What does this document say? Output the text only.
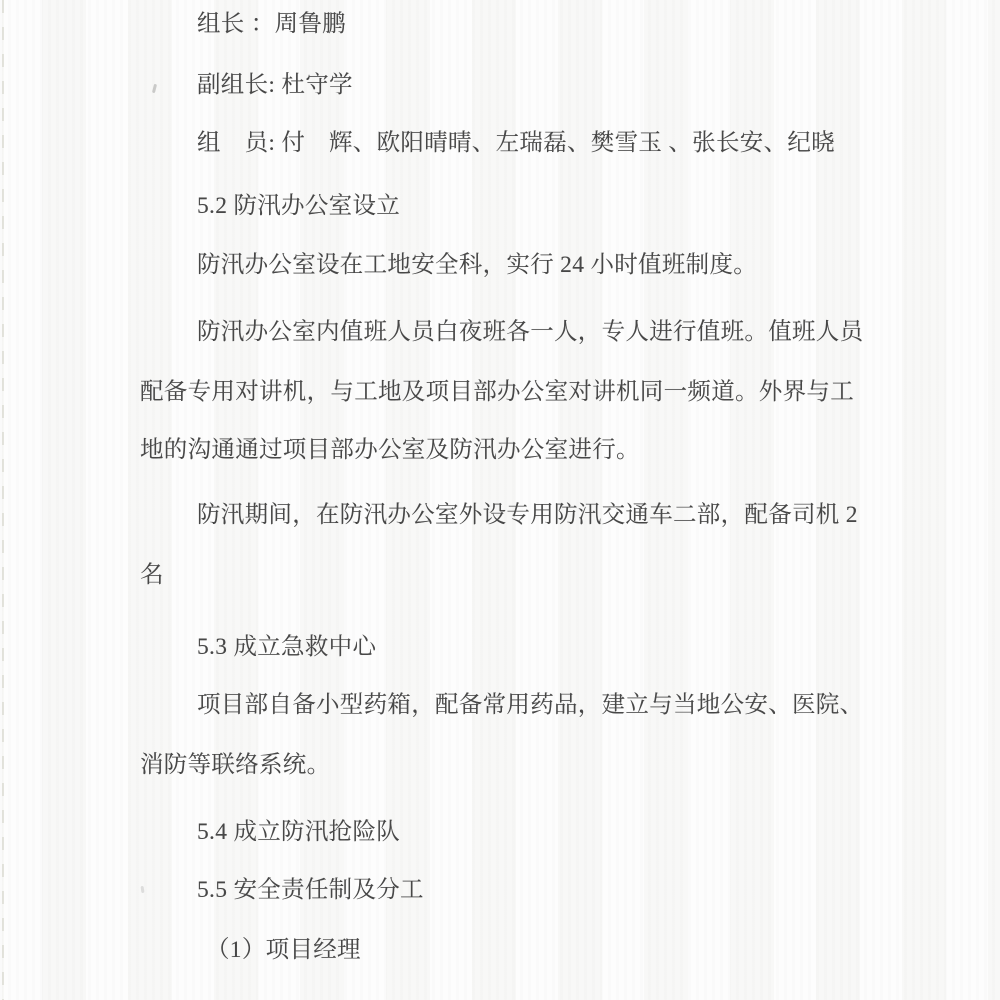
组长 ：周鲁鹏
副组长: 杜守学
组　员: 付　辉、欧阳晴晴、左瑞磊、樊雪玉 、张长安、纪晓
5.2 防汛办公室设立
防汛办公室设在工地安全科，实行 24 小时值班制度。
防汛办公室内值班人员白夜班各一人，专人进行值班。值班人员
配备专用对讲机，与工地及项目部办公室对讲机同一频道。外界与工
地的沟通通过项目部办公室及防汛办公室进行。
防汛期间，在防汛办公室外设专用防汛交通车二部，配备司机 2
名
5.3 成立急救中心
项目部自备小型药箱，配备常用药品，建立与当地公安、医院、
消防等联络系统。
5.4 成立防汛抢险队
5.5 安全责任制及分工
（1）项目经理
